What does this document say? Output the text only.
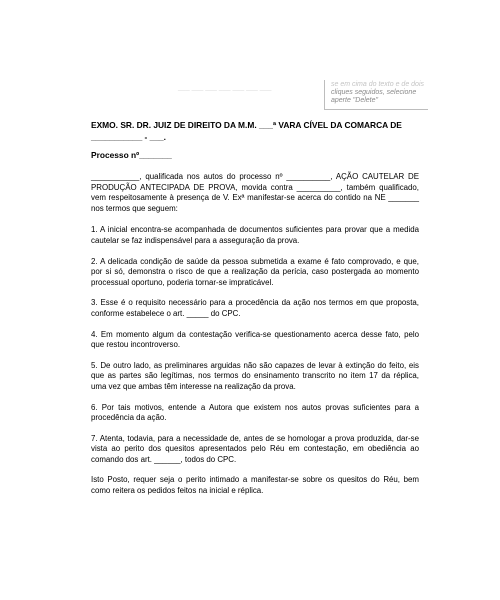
___ ___ ___ ___ ___ ___ ___	se em cima do texto e de dois
cliques seguidos, selecione
aperte "Delete"
EXMO. SR. DR. JUIZ DE DIREITO DA M.M. ___ª VARA CÍVEL DA COMARCA DE
___________ - ___.
Processo nº_______

___________, qualificada nos autos do processo nº __________, AÇÃO CAUTELAR DE PRODUÇÃO ANTECIPADA DE PROVA, movida contra __________, também qualificado, vem respeitosamente à presença de V. Exª manifestar-se acerca do contido na NE _______ nos termos que seguem:

1. A inicial encontra-se acompanhada de documentos suficientes para provar que a medida cautelar se faz indispensável para a asseguração da prova.

2. A delicada condição de saúde da pessoa submetida a exame é fato comprovado, e que, por si só, demonstra o risco de que a realização da perícia, caso postergada ao momento processual oportuno, poderia tornar-se impraticável.

3. Esse é o requisito necessário para a procedência da ação nos termos em que proposta, conforme estabelece o art. _____ do CPC.

4. Em momento algum da contestação verifica-se questionamento acerca desse fato, pelo que restou incontroverso.

5. De outro lado, as preliminares arguidas não são capazes de levar à extinção do feito, eis que as partes são legítimas, nos termos do ensinamento transcrito no item 17 da réplica, uma vez que ambas têm interesse na realização da prova.

6. Por tais motivos, entende a Autora que existem nos autos provas suficientes para a procedência da ação.

7. Atenta, todavia, para a necessidade de, antes de se homologar a prova produzida, dar-se vista ao perito dos quesitos apresentados pelo Réu em contestação, em obediência ao comando dos art. ______, todos do CPC.

Isto Posto, requer seja o perito intimado a manifestar-se sobre os quesitos do Réu, bem como reitera os pedidos feitos na inicial e réplica.
